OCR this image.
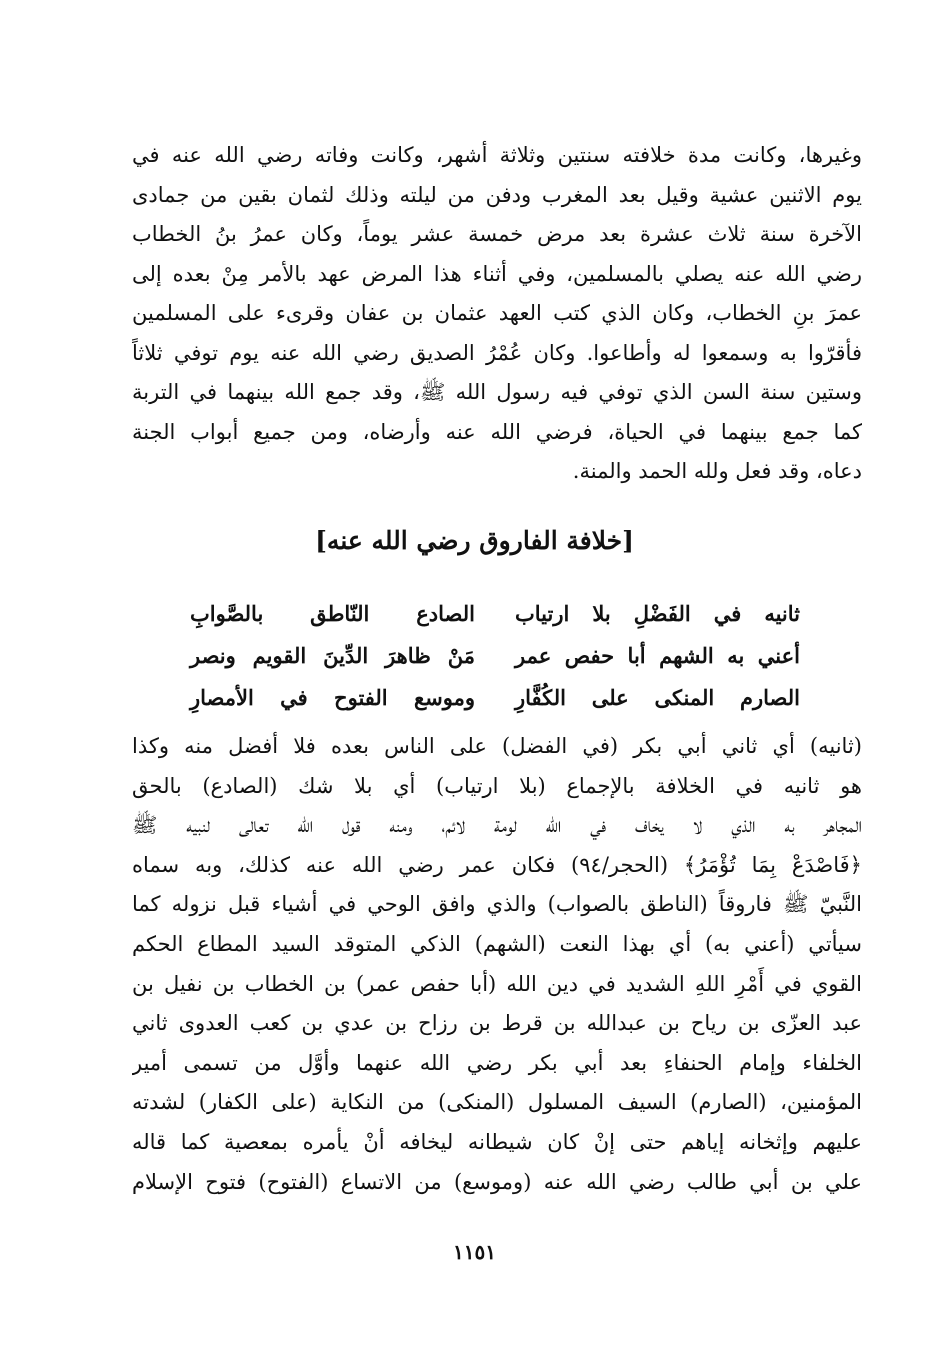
وغيرها، وكانت مدة خلافته سنتين وثلاثة أشهر، وكانت وفاته رضي الله عنه في
يوم الاثنين عشية وقيل بعد المغرب ودفن من ليلته وذلك لثمان بقين من جمادى
الآخرة سنة ثلاث عشرة بعد مرض خمسة عشر يوماً، وكان عمرُ بنُ الخطاب
رضي الله عنه يصلي بالمسلمين، وفي أثناء هذا المرض عهد بالأمر مِنْ بعده إلى
عمرَ بنِ الخطاب، وكان الذي كتب العهد عثمان بن عفان وقرىء على المسلمين
فأقرّوا به وسمعوا له وأطاعوا. وكان عُمْرُ الصديق رضي الله عنه يوم توفي ثلاثاً
وستين سنة السن الذي توفي فيه رسول الله ﷺ، وقد جمع الله بينهما في التربة
كما جمع بينهما في الحياة، فرضي الله عنه وأرضاه، ومن جميع أبواب الجنة
دعاه، وقد فعل ولله الحمد والمنة.
[خلافة الفاروق رضي الله عنه]
ثانيه في الفَضْلِ بلا ارتياب
الصادع النّاطق بالصَّوابِ
أعني به الشهم أبا حفص عمر
مَنْ ظاهرَ الدِّينَ القويم ونصر
الصارم المنكى على الكُفَّارِ
وموسع الفتوح في الأمصارِ
(ثانيه) أي ثاني أبي بكر (في الفضل) على الناس بعده فلا أفضل منه وكذا
هو ثانيه في الخلافة بالإجماع (بلا ارتياب) أي بلا شك (الصادع) بالحق
المجاهر به الذي لا يخاف في الله لومة لائم، ومنه قول الله تعالى لنبيه ﷺ
﴿فَاصْدَعْ بِمَا تُؤْمَرُ﴾ (الحجر/٩٤) فكان عمر رضي الله عنه كذلك، وبه سماه
النَّبيّ ﷺ فاروقاً (الناطق بالصواب) والذي وافق الوحي في أشياء قبل نزوله كما
سيأتي (أعني به) أي بهذا النعت (الشهم) الذكي المتوقد السيد المطاع الحكم
القوي في أَمْرِ اللهِ الشديد في دين الله (أبا حفص عمر) بن الخطاب بن نفيل بن
عبد العزّى بن رياح بن عبدالله بن قرط بن رزاح بن عدي بن كعب العدوى ثاني
الخلفاء وإمام الحنفاءِ بعد أبي بكر رضي الله عنهما وأوَّل من تسمى أمير
المؤمنين، (الصارم) السيف المسلول (المنكى) من النكاية (على الكفار) لشدته
عليهم وإثخانه إياهم حتى إنْ كان شيطانه ليخافه أنْ يأمره بمعصية كما قاله
علي بن أبي طالب رضي الله عنه (وموسع) من الاتساع (الفتوح) فتوح الإسلام
١١٥١
